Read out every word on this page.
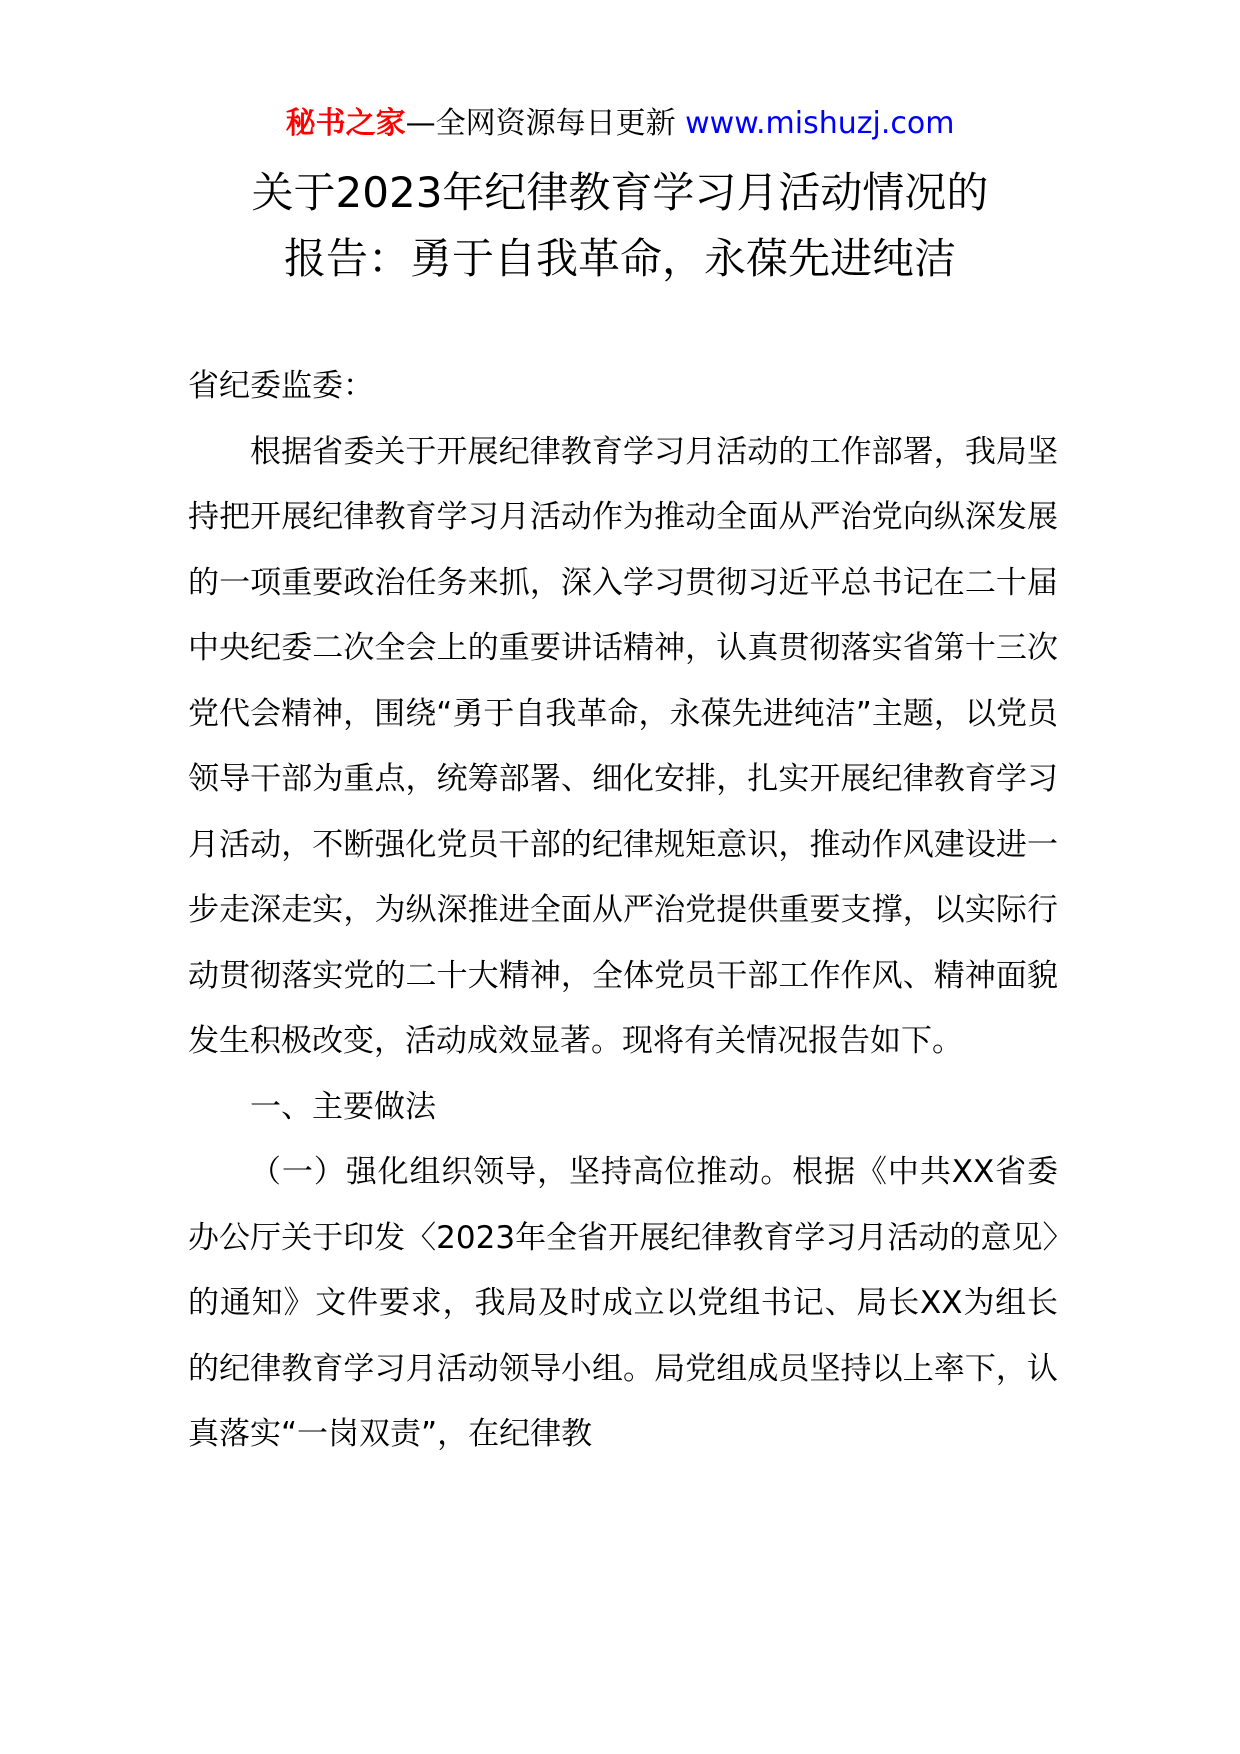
秘书之家—全网资源每日更新 www.mishuzj.com
关于2023年纪律教育学习月活动情况的
报告：勇于自我革命，永葆先进纯洁

省纪委监委：

根据省委关于开展纪律教育学习月活动的工作部署，我局坚持把开展纪律教育学习月活动作为推动全面从严治党向纵深发展的一项重要政治任务来抓，深入学习贯彻习近平总书记在二十届中央纪委二次全会上的重要讲话精神，认真贯彻落实省第十三次党代会精神，围绕“勇于自我革命，永葆先进纯洁”主题，以党员领导干部为重点，统筹部署、细化安排，扎实开展纪律教育学习月活动，不断强化党员干部的纪律规矩意识，推动作风建设进一步走深走实，为纵深推进全面从严治党提供重要支撑，以实际行动贯彻落实党的二十大精神，全体党员干部工作作风、精神面貌发生积极改变，活动成效显著。现将有关情况报告如下。

一、主要做法

（一）强化组织领导，坚持高位推动。根据《中共XX省委办公厅关于印发〈2023年全省开展纪律教育学习月活动的意见〉的通知》文件要求，我局及时成立以党组书记、局长XX为组长的纪律教育学习月活动领导小组。局党组成员坚持以上率下，认真落实“一岗双责”，在纪律教
